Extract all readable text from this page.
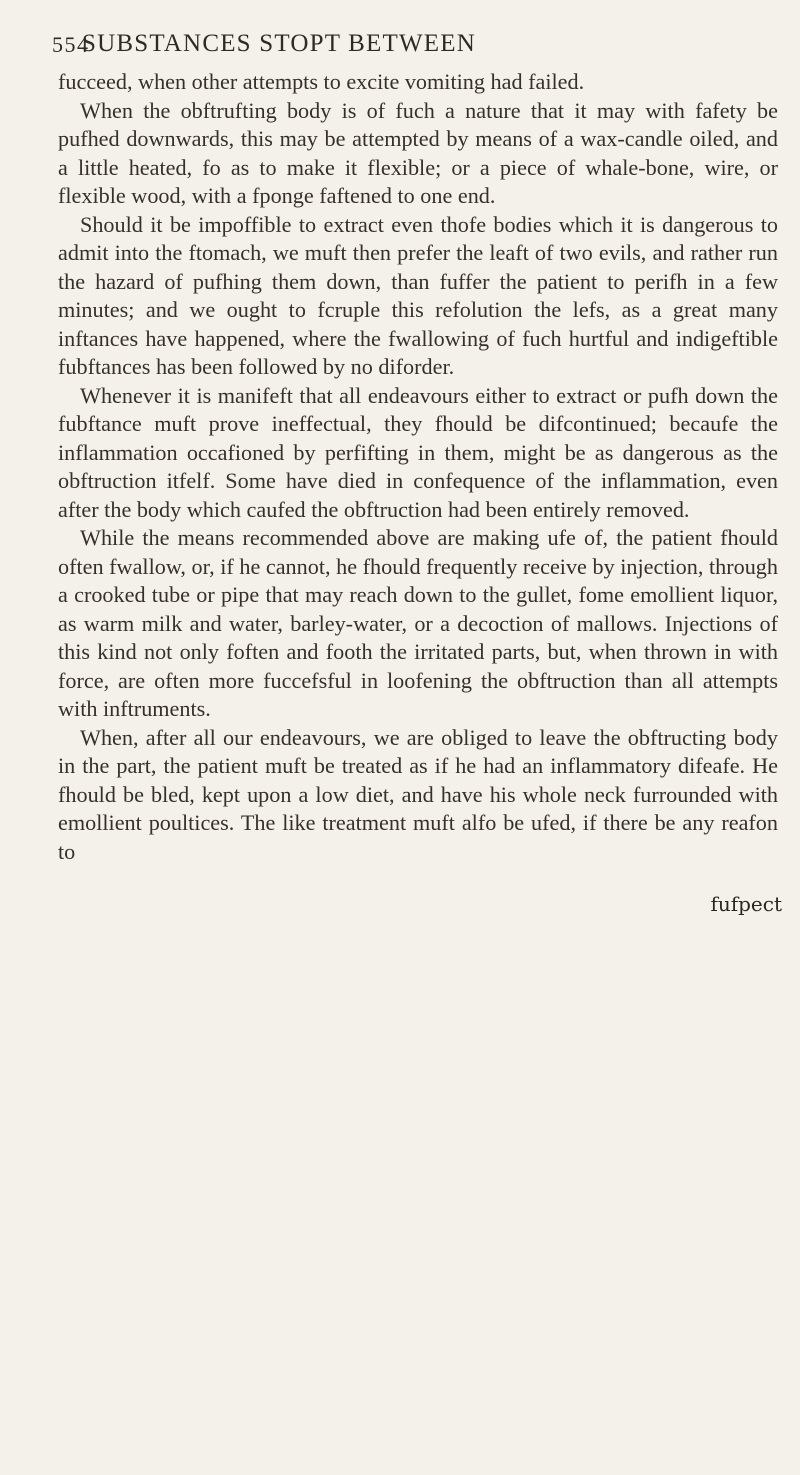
554
SUBSTANCES STOPT BETWEEN

fucceed, when other attempts to excite vomiting had failed.

When the obftrufting body is of fuch a nature that it may with fafety be pufhed downwards, this may be attempted by means of a wax-candle oiled, and a little heated, fo as to make it flexible; or a piece of whale-bone, wire, or flexible wood, with a fponge faftened to one end.

Should it be impoffible to extract even thofe bodies which it is dangerous to admit into the ftomach, we muft then prefer the leaft of two evils, and rather run the hazard of pufhing them down, than fuffer the patient to perifh in a few minutes; and we ought to fcruple this refolution the lefs, as a great many inftances have happened, where the fwallowing of fuch hurtful and indigeftible fubftances has been followed by no diforder.

Whenever it is manifeft that all endeavours either to extract or pufh down the fubftance muft prove ineffectual, they fhould be difcontinued; becaufe the inflammation occafioned by perfifting in them, might be as dangerous as the obftruction itfelf. Some have died in confequence of the inflammation, even after the body which caufed the obftruction had been entirely removed.

While the means recommended above are making ufe of, the patient fhould often fwallow, or, if he cannot, he fhould frequently receive by injection, through a crooked tube or pipe that may reach down to the gullet, fome emollient liquor, as warm milk and water, barley-water, or a decoction of mallows. Injections of this kind not only foften and footh the irritated parts, but, when thrown in with force, are often more fuccefsful in loofening the obftruction than all attempts with inftruments.

When, after all our endeavours, we are obliged to leave the obftructing body in the part, the patient muft be treated as if he had an inflammatory difeafe. He fhould be bled, kept upon a low diet, and have his whole neck furrounded with emollient poultices. The like treatment muft alfo be ufed, if there be any reafon to

fufpect
